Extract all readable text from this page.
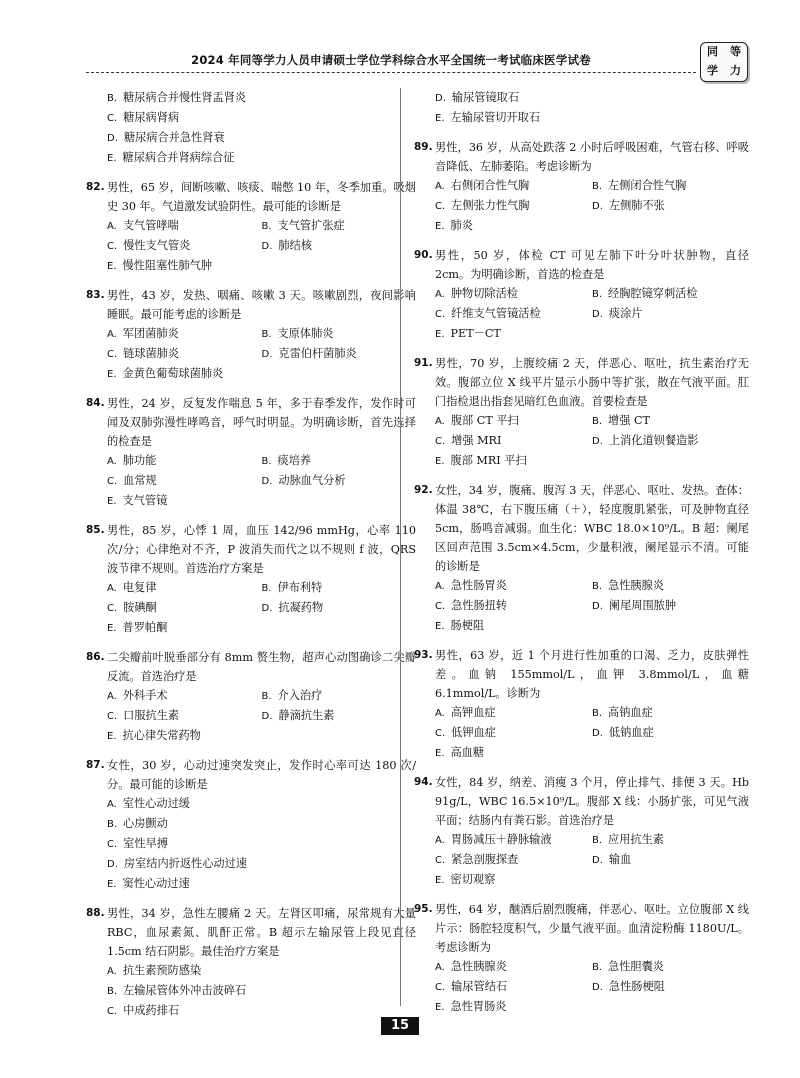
2024 年同等学力人员申请硕士学位学科综合水平全国统一考试临床医学试卷
同	等
学	力
B. 糖尿病合并慢性肾盂肾炎
C. 糖尿病肾病
D. 糖尿病合并急性肾衰
E. 糖尿病合并肾病综合征
82. 男性，65 岁，间断咳嗽、咳痰、喘憋 10 年，冬季加重。吸烟史 30 年。气道激发试验阴性。最可能的诊断是
A. 支气管哮喘	B. 支气管扩张症
C. 慢性支气管炎	D. 肺结核
E. 慢性阻塞性肺气肿
83. 男性，43 岁，发热、咽痛、咳嗽 3 天。咳嗽剧烈，夜间影响睡眠。最可能考虑的诊断是
A. 军团菌肺炎	B. 支原体肺炎
C. 链球菌肺炎	D. 克雷伯杆菌肺炎
E. 金黄色葡萄球菌肺炎
84. 男性，24 岁，反复发作喘息 5 年，多于春季发作，发作时可闻及双肺弥漫性哮鸣音，呼气时明显。为明确诊断，首先选择的检查是
A. 肺功能	B. 痰培养
C. 血常规	D. 动脉血气分析
E. 支气管镜
85. 男性，85 岁，心悸 1 周，血压 142/96 mmHg，心率 110 次/分；心律绝对不齐，P 波消失而代之以不规则 f 波，QRS 波节律不规则。首选治疗方案是
A. 电复律	B. 伊布利特
C. 胺碘酮	D. 抗凝药物
E. 普罗帕酮
86. 二尖瓣前叶脱垂部分有 8mm 赘生物，超声心动图确诊二尖瓣反流。首选治疗是
A. 外科手术	B. 介入治疗
C. 口服抗生素	D. 静滴抗生素
E. 抗心律失常药物
87. 女性，30 岁，心动过速突发突止，发作时心率可达 180 次/分。最可能的诊断是
A. 室性心动过缓
B. 心房颤动
C. 室性早搏
D. 房室结内折返性心动过速
E. 窦性心动过速
88. 男性，34 岁，急性左腰痛 2 天。左肾区叩痛，尿常规有大量 RBC，血尿素氮、肌酐正常。B 超示左输尿管上段见直径 1.5cm 结石阴影。最佳治疗方案是
A. 抗生素预防感染
B. 左输尿管体外冲击波碎石
C. 中成药排石
D. 输尿管镜取石
E. 左输尿管切开取石
89. 男性，36 岁，从高处跌落 2 小时后呼吸困难，气管右移、呼吸音降低、左肺萎陷。考虑诊断为
A. 右侧闭合性气胸	B. 左侧闭合性气胸
C. 左侧张力性气胸	D. 左侧肺不张
E. 肺炎
90. 男性，50 岁，体检 CT 可见左肺下叶分叶状肿物，直径 2cm。为明确诊断，首选的检查是
A. 肿物切除活检	B. 经胸腔镜穿刺活检
C. 纤维支气管镜活检	D. 痰涂片
E. PET－CT
91. 男性，70 岁，上腹绞痛 2 天，伴恶心、呕吐，抗生素治疗无效。腹部立位 X 线平片显示小肠中等扩张，散在气液平面。肛门指检退出指套见暗红色血液。首要检查是
A. 腹部 CT 平扫	B. 增强 CT
C. 增强 MRI	D. 上消化道钡餐造影
E. 腹部 MRI 平扫
92. 女性，34 岁，腹痛、腹泻 3 天，伴恶心、呕吐、发热。查体：体温 38℃，右下腹压痛（＋），轻度腹肌紧张，可及肿物直径 5cm，肠鸣音减弱。血生化：WBC 18.0×10⁹/L。B 超：阑尾区回声范围 3.5cm×4.5cm，少量积液，阑尾显示不清。可能的诊断是
A. 急性肠胃炎	B. 急性胰腺炎
C. 急性肠扭转	D. 阑尾周围脓肿
E. 肠梗阻
93. 男性，63 岁，近 1 个月进行性加重的口渴、乏力，皮肤弹性差。血钠 155mmol/L，血钾 3.8mmol/L，血糖 6.1mmol/L。诊断为
A. 高钾血症	B. 高钠血症
C. 低钾血症	D. 低钠血症
E. 高血糖
94. 女性，84 岁，纳差、消瘦 3 个月，停止排气、排便 3 天。Hb 91g/L，WBC 16.5×10⁹/L。腹部 X 线：小肠扩张，可见气液平面；结肠内有粪石影。首选治疗是
A. 胃肠减压＋静脉输液	B. 应用抗生素
C. 紧急剖腹探查	D. 输血
E. 密切观察
95. 男性，64 岁，酗酒后剧烈腹痛，伴恶心、呕吐。立位腹部 X 线片示：肠腔轻度积气，少量气液平面。血清淀粉酶 1180U/L。考虑诊断为
A. 急性胰腺炎	B. 急性胆囊炎
C. 输尿管结石	D. 急性肠梗阻
E. 急性胃肠炎
15
